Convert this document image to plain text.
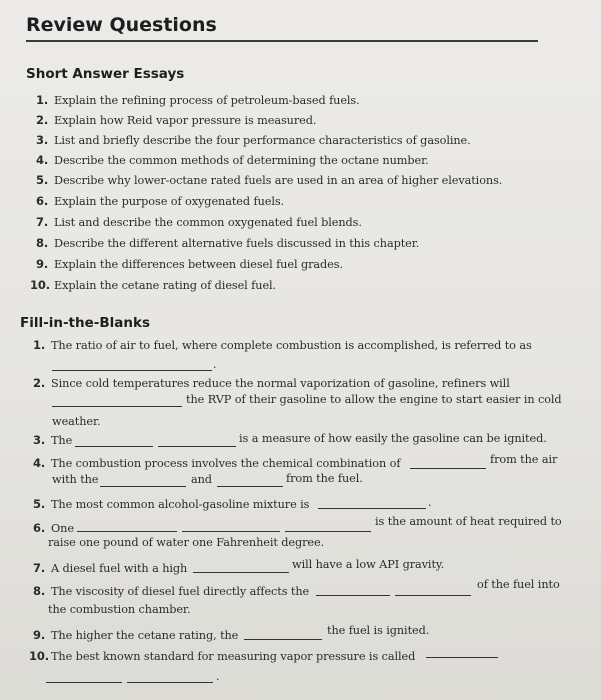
Review Questions
Short Answer Essays
1. Explain the refining process of petroleum-based fuels.
2. Explain how Reid vapor pressure is measured.
3. List and briefly describe the four performance characteristics of gasoline.
4. Describe the common methods of determining the octane number.
5. Describe why lower-octane rated fuels are used in an area of higher elevations.
6. Explain the purpose of oxygenated fuels.
7. List and describe the common oxygenated fuel blends.
8. Describe the different alternative fuels discussed in this chapter.
9. Explain the differences between diesel fuel grades.
10. Explain the cetane rating of diesel fuel.
Fill-in-the-Blanks
1. The ratio of air to fuel, where complete combustion is accomplished, is referred to as
.
2. Since cold temperatures reduce the normal vaporization of gasoline, refiners will
the RVP of their gasoline to allow the engine to start easier in cold
weather.
3. The	is a measure of how easily the gasoline can be ignited.
4. The combustion process involves the chemical combination of	from the air
with the	and	from the fuel.
5. The most common alcohol-gasoline mixture is	.
6. One
is the amount of heat required to
raise one pound of water one Fahrenheit degree.
7. A diesel fuel with a high	will have a low API gravity.
8. The viscosity of diesel fuel directly affects the
of the fuel into
the combustion chamber.
9. The higher the cetane rating, the	the fuel is ignited.
10. The best known standard for measuring vapor pressure is called
.
